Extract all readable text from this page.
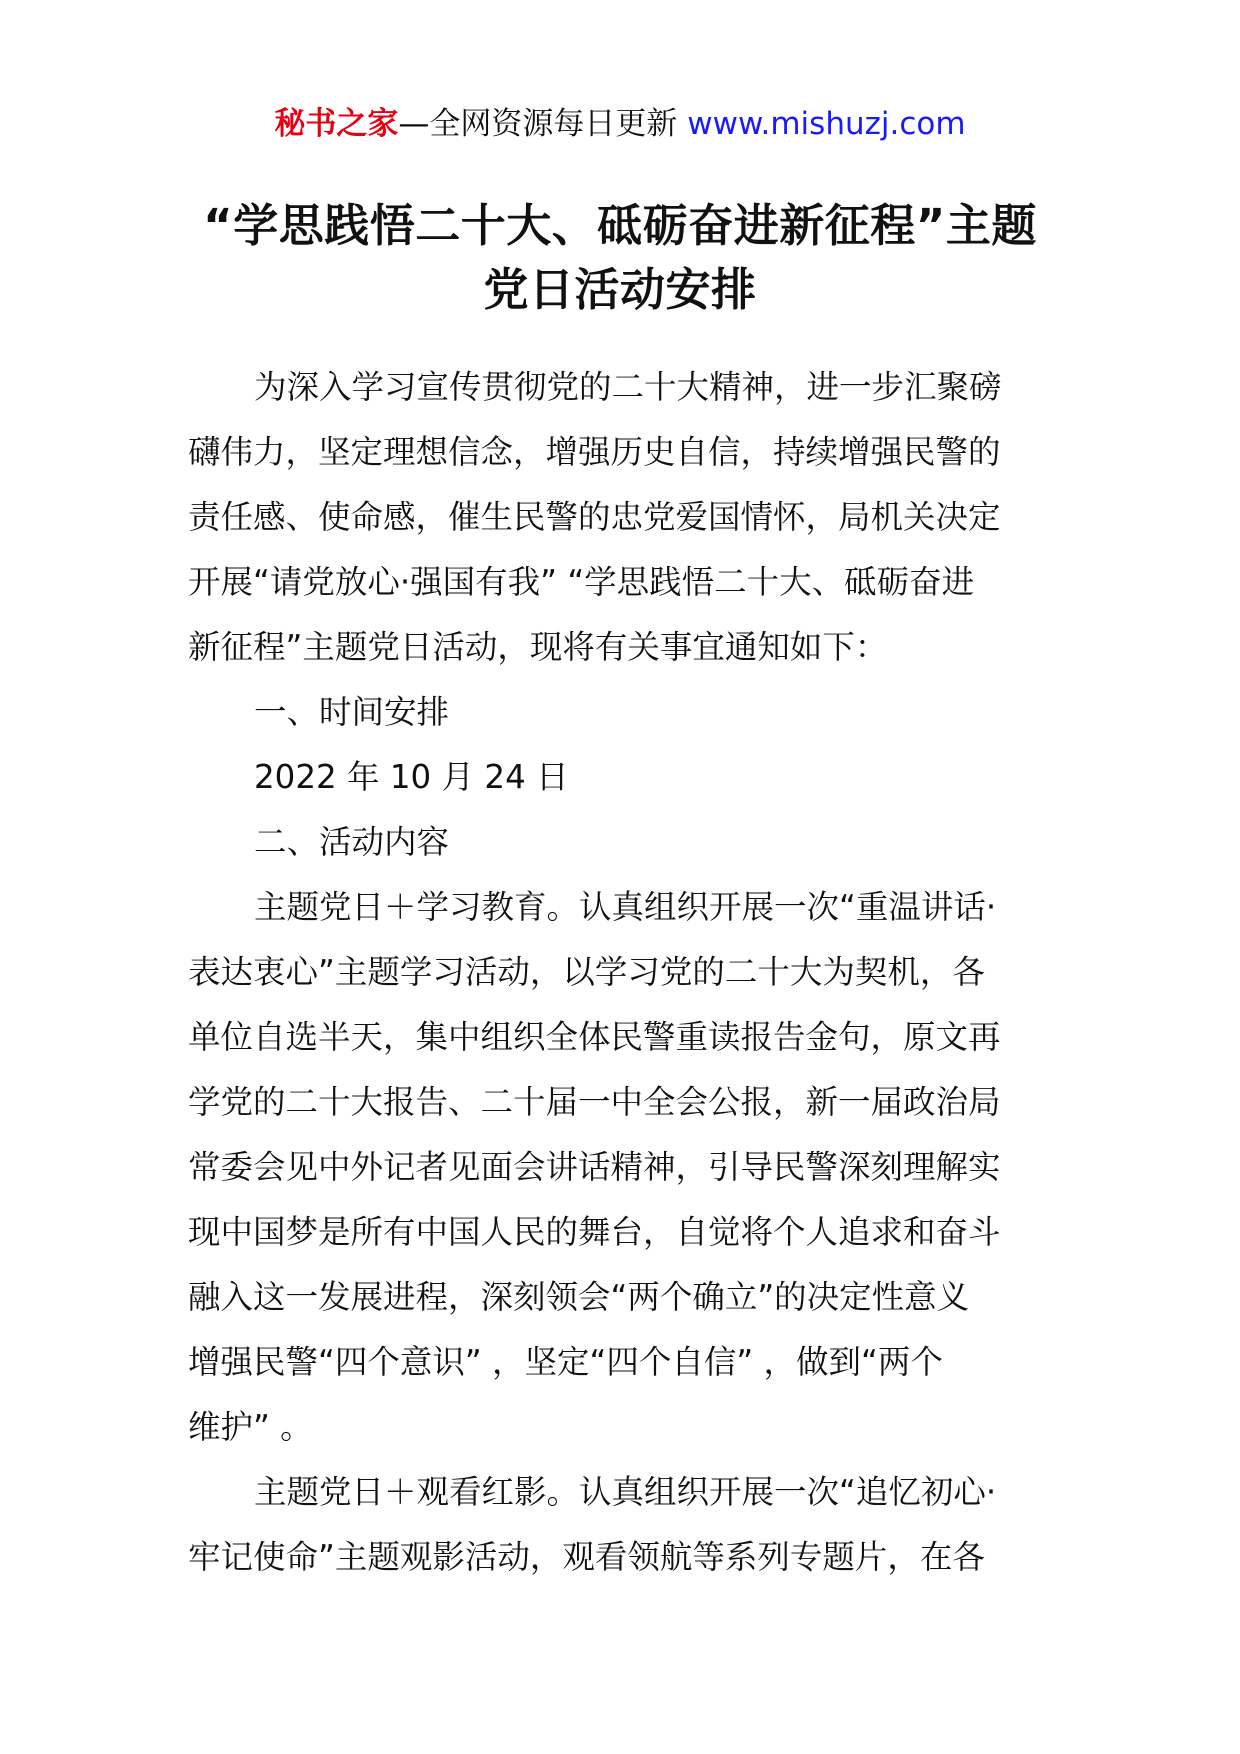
秘书之家—全网资源每日更新 www.mishuzj.com
“学思践悟二十大、砥砺奋进新征程”主题
党日活动安排
为深入学习宣传贯彻党的二十大精神，进一步汇聚磅
礴伟力，坚定理想信念，增强历史自信，持续增强民警的
责任感、使命感，催生民警的忠党爱国情怀，局机关决定
开展“请党放心·强国有我” “学思践悟二十大、砥砺奋进
新征程”主题党日活动，现将有关事宜通知如下：
一、时间安排
2022 年 10 月 24 日
二、活动内容
主题党日＋学习教育。认真组织开展一次“重温讲话·
表达衷心”主题学习活动，以学习党的二十大为契机，各
单位自选半天，集中组织全体民警重读报告金句，原文再
学党的二十大报告、二十届一中全会公报，新一届政治局
常委会见中外记者见面会讲话精神，引导民警深刻理解实
现中国梦是所有中国人民的舞台，自觉将个人追求和奋斗
融入这一发展进程，深刻领会“两个确立”的决定性意义
增强民警“四个意识” ，坚定“四个自信” ，做到“两个
维护” 。
主题党日＋观看红影。认真组织开展一次“追忆初心·
牢记使命”主题观影活动，观看领航等系列专题片，在各
